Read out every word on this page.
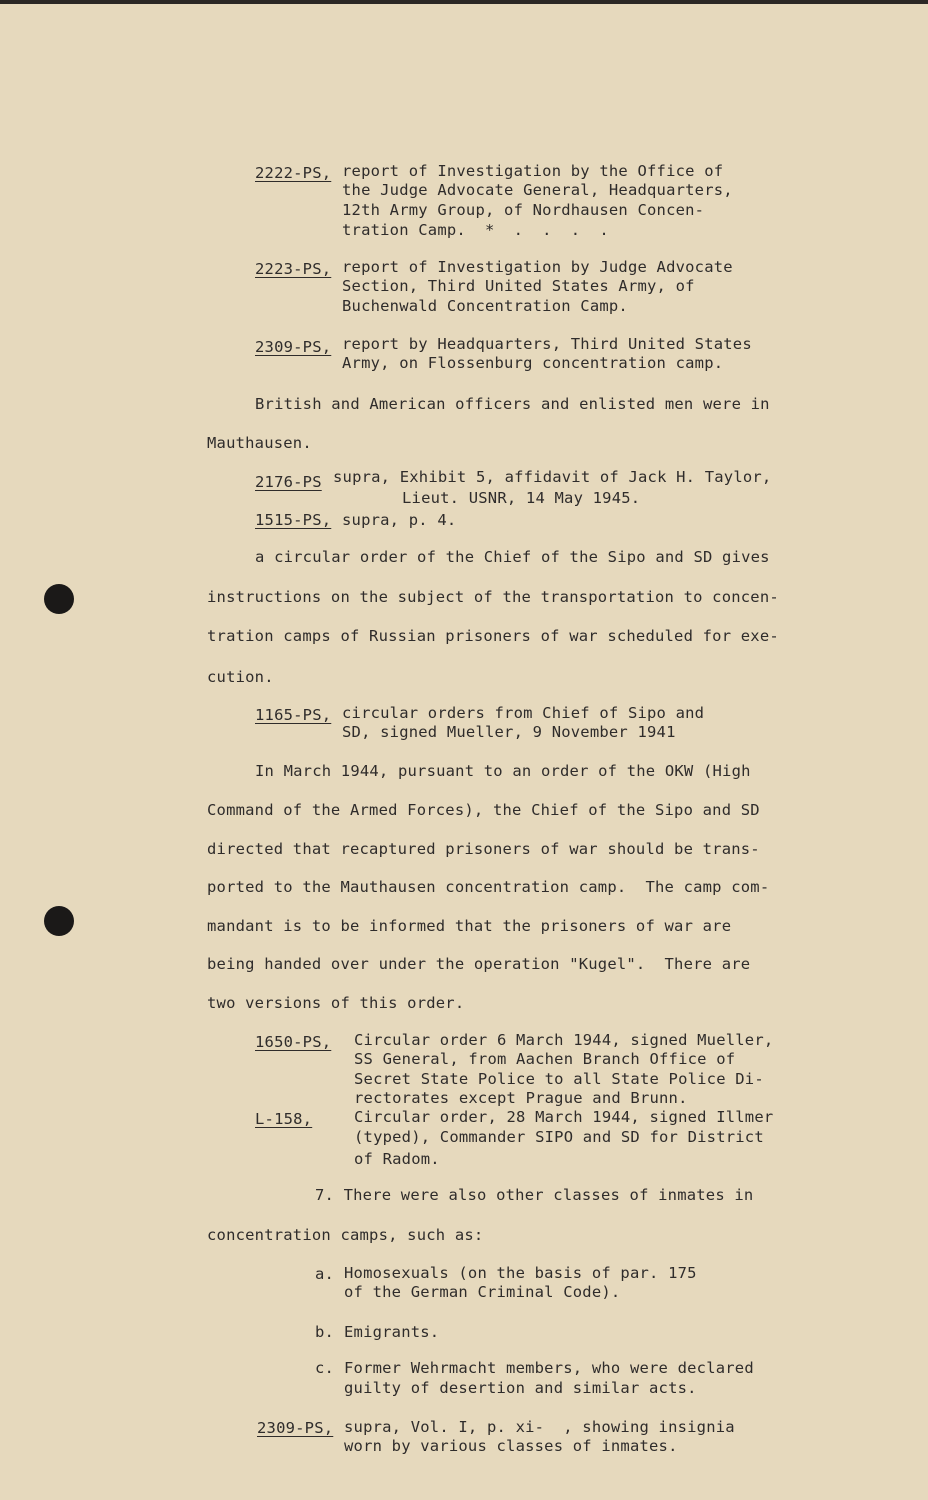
2222-PS, report of Investigation by the Office of
the Judge Advocate General, Headquarters,
12th Army Group, of Nordhausen Concen-
tration Camp.  *  .  .  .  .
2223-PS, report of Investigation by Judge Advocate
Section, Third United States Army, of
Buchenwald Concentration Camp.
2309-PS, report by Headquarters, Third United States
Army, on Flossenburg concentration camp.
British and American officers and enlisted men were in
Mauthausen.
2176-PS supra, Exhibit 5, affidavit of Jack H. Taylor,
Lieut. USNR, 14 May 1945.
1515-PS, supra, p. 4.
a circular order of the Chief of the Sipo and SD gives
instructions on the subject of the transportation to concen-
tration camps of Russian prisoners of war scheduled for exe-
cution.
1165-PS, circular orders from Chief of Sipo and
SD, signed Mueller, 9 November 1941
In March 1944, pursuant to an order of the OKW (High
Command of the Armed Forces), the Chief of the Sipo and SD
directed that recaptured prisoners of war should be trans-
ported to the Mauthausen concentration camp.  The camp com-
mandant is to be informed that the prisoners of war are
being handed over under the operation "Kugel".  There are
two versions of this order.
1650-PS, Circular order 6 March 1944, signed Mueller,
SS General, from Aachen Branch Office of
Secret State Police to all State Police Di-
rectorates except Prague and Brunn.
L-158,	Circular order, 28 March 1944, signed Illmer
(typed), Commander SIPO and SD for District
of Radom.
7. There were also other classes of inmates in
concentration camps, such as:
a. Homosexuals (on the basis of par. 175
of the German Criminal Code).
b. Emigrants.
c. Former Wehrmacht members, who were declared
guilty of desertion and similar acts.
2309-PS, supra, Vol. I, p. xi-  , showing insignia
worn by various classes of inmates.
